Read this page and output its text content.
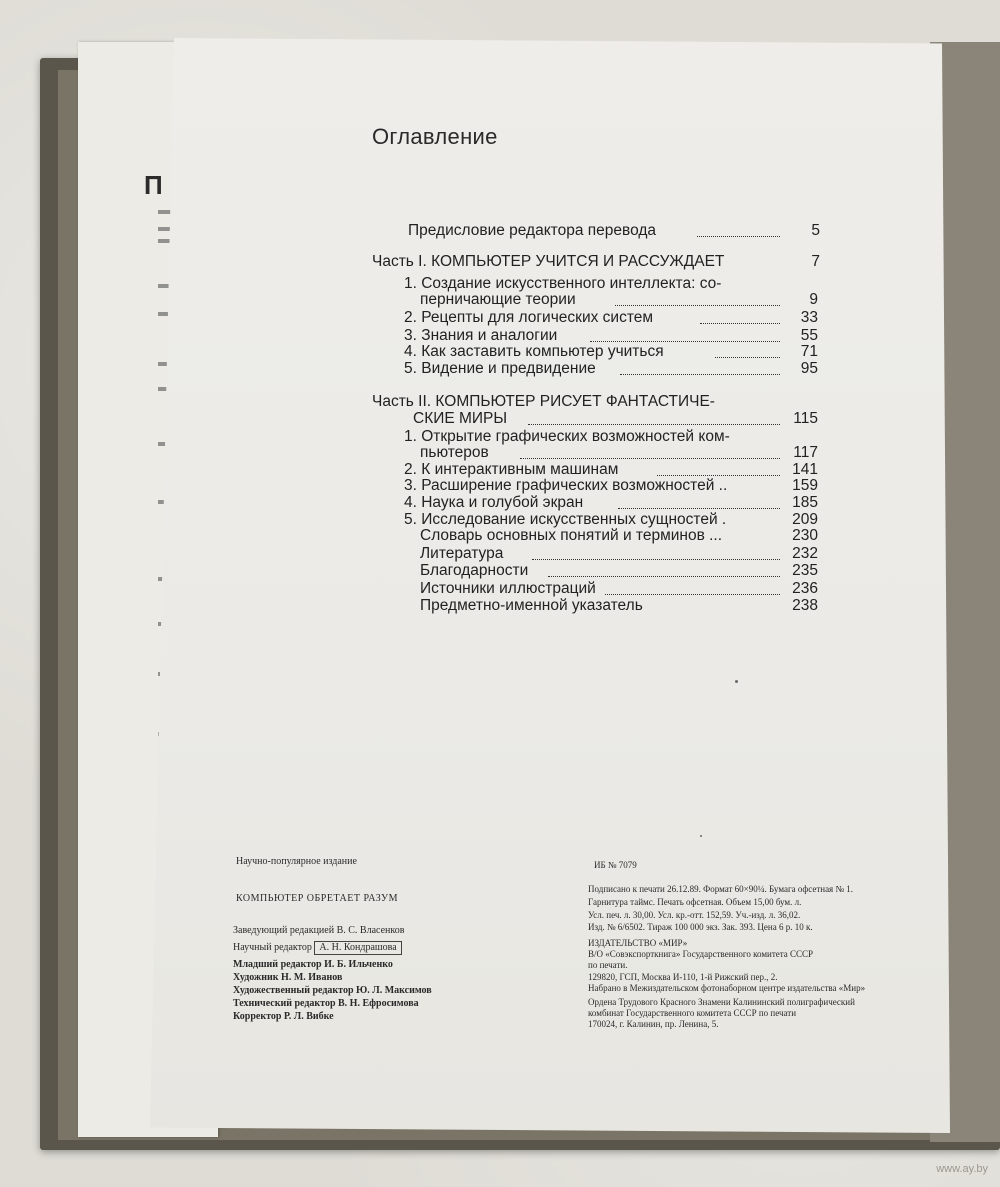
П
Оглавление
Предисловие редактора перевода	5
Часть I. КОМПЬЮТЕР УЧИТСЯ И РАССУЖДАЕТ	7
1. Создание искусственного интеллекта: со-
перничающие теории	9
2. Рецепты для логических систем	33
3. Знания и аналогии	55
4. Как заставить компьютер учиться	71
5. Видение и предвидение	95
Часть II. КОМПЬЮТЕР РИСУЕТ ФАНТАСТИЧЕ-
СКИЕ МИРЫ	115
1. Открытие графических возможностей ком-
пьютеров	117
2. К интерактивным машинам	141
3. Расширение графических возможностей ..	159
4. Наука и голубой экран	185
5. Исследование искусственных сущностей .	209
Словарь основных понятий и терминов ...	230
Литература	232
Благодарности	235
Источники иллюстраций	236
Предметно-именной указатель	238
Научно-популярное издание
КОМПЬЮТЕР ОБРЕТАЕТ РАЗУМ
Заведующий редакцией В. С. Власенков
Научный редактор А. Н. Кондрашова
Младший редактор И. Б. Ильченко
Художник Н. М. Иванов
Художественный редактор Ю. Л. Максимов
Технический редактор В. Н. Ефросимова
Корректор Р. Л. Вибке
ИБ № 7079
Подписано к печати 26.12.89. Формат 60×90¼. Бумага офсетная № 1.
Гарнитура таймс. Печать офсетная. Объем 15,00 бум. л.
Усл. печ. л. 30,00. Усл. кр.-отт. 152,59. Уч.-изд. л. 36,02.
Изд. № 6/6502. Тираж 100 000 экз. Зак. 393. Цена 6 р. 10 к.
ИЗДАТЕЛЬСТВО «МИР»
В/О «Совэкспорткнига» Государственного комитета СССР
по печати.
129820, ГСП, Москва И-110, 1-й Рижский пер., 2.
Набрано в Межиздательском фотонаборном центре издательства «Мир»
Ордена Трудового Красного Знамени Калининский полиграфический
комбинат Государственного комитета СССР по печати
170024, г. Калинин, пр. Ленина, 5.
www.ay.by
